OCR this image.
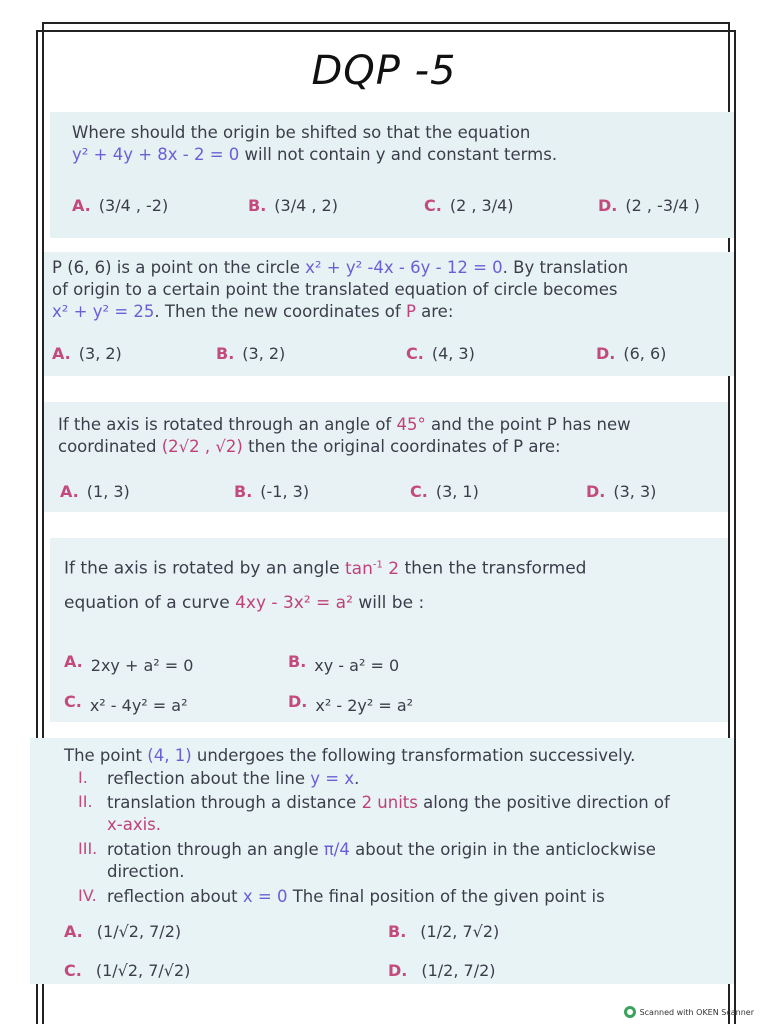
DQP -5
Where should the origin be shifted so that the equation
y² + 4y + 8x - 2 = 0 will not contain y and constant terms.
A. (3/4 , -2)	B. (3/4 , 2)	C. (2 , 3/4)	D. (2 , -3/4 )
P (6, 6) is a point on the circle x² + y² -4x - 6y - 12 = 0. By translation
of origin to a certain point the translated equation of circle becomes
x² + y² = 25. Then the new coordinates of P are:
A. (3, 2)	B. (3, 2)	C. (4, 3)	D. (6, 6)
If the axis is rotated through an angle of 45° and the point P has new
coordinated (2√2 , √2) then the original coordinates of P are:
A. (1, 3)	B. (-1, 3)	C. (3, 1)	D. (3, 3)
If the axis is rotated by an angle $\tan^{-1} 2$ then the transformed
equation of a curve 4xy - 3x² = a² will be :
A. 2xy + a² = 0	B. xy - a² = 0
C. x² - 4y² = a²	D. x² - 2y² = a²
The point (4, 1) undergoes the following transformation successively.
I. reflection about the line y = x.
II. translation through a distance 2 units along the positive direction of
x-axis.
III. rotation through an angle π/4 about the origin in the anticlockwise
direction.
IV. reflection about x = 0 The final position of the given point is
A. (1/√2, 7/2)	B. (1/2, 7√2)
C. (1/√2, 7/√2)	D. (1/2, 7/2)
Scanned with OKEN Scanner
